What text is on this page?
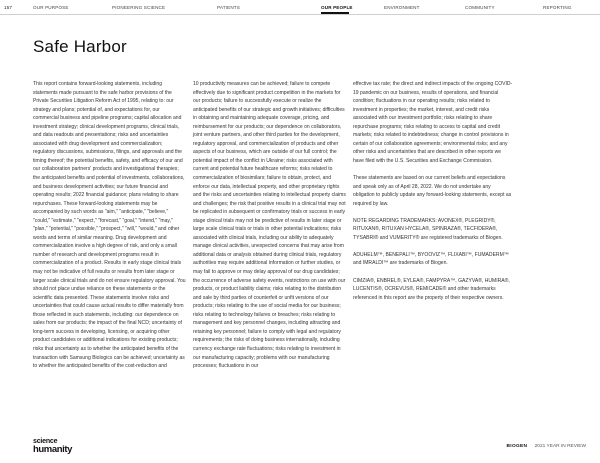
157	OUR PURPOSE	PIONEERING SCIENCE	PATIENTS	OUR PEOPLE	ENVIRONMENT	COMMUNITY	REPORTING
Safe Harbor

This report contains forward-looking statements, including statements made pursuant to the safe harbor provisions of the Private Securities Litigation Reform Act of 1995, relating to: our strategy and plans; potential of, and expectations for, our commercial business and pipeline programs; capital allocation and investment strategy; clinical development programs, clinical trials, and data readouts and presentations; risks and uncertainties associated with drug development and commercialization; regulatory discussions, submissions, filings, and approvals and the timing thereof; the potential benefits, safety, and efficacy of our and our collaboration partners' products and investigational therapies; the anticipated benefits and potential of investments, collaborations, and business development activities; our future financial and operating results; 2022 financial guidance; plans relating to share repurchases. These forward-looking statements may be accompanied by such words as "aim," "anticipate," "believe," "could," "estimate," "expect," "forecast," "goal," "intend," "may," "plan," "potential," "possible," "prospect," "will," "would," and other words and terms of similar meaning. Drug development and commercialization involve a high degree of risk, and only a small number of research and development programs result in commercialization of a product. Results in early stage clinical trials may not be indicative of full results or results from later stage or larger scale clinical trials and do not ensure regulatory approval. You should not place undue reliance on these statements or the scientific data presented. These statements involve risks and uncertainties that could cause actual results to differ materially from those reflected in such statements, including: our dependence on sales from our products; the impact of the final NCD; uncertainty of long-term success in developing, licensing, or acquiring other product candidates or additional indications for existing products; risks that uncertainty as to whether the anticipated benefits of the transaction with Samsung Biologics can be achieved; uncertainty as to whether the anticipated benefits of the cost-reduction and

10 productivity measures can be achieved; failure to compete effectively due to significant product competition in the markets for our products; failure to successfully execute or realize the anticipated benefits of our strategic and growth initiatives; difficulties in obtaining and maintaining adequate coverage, pricing, and reimbursement for our products; our dependence on collaborators, joint venture partners, and other third parties for the development, regulatory approval, and commercialization of products and other aspects of our business, which are outside of our full control; the potential impact of the conflict in Ukraine; risks associated with current and potential future healthcare reforms; risks related to commercialization of biosimilars; failure to obtain, protect, and enforce our data, intellectual property, and other proprietary rights and the risks and uncertainties relating to intellectual property claims and challenges; the risk that positive results in a clinical trial may not be replicated in subsequent or confirmatory trials or success in early stage clinical trials may not be predictive of results in later stage or large scale clinical trials or trials in other potential indications; risks associated with clinical trials, including our ability to adequately manage clinical activities, unexpected concerns that may arise from additional data or analysis obtained during clinical trials, regulatory authorities may require additional information or further studies, or may fail to approve or may delay approval of our drug candidates; the occurrence of adverse safety events, restrictions on use with our products, or product liability claims; risks relating to the distribution and sale by third parties of counterfeit or unfit versions of our products; risks relating to the use of social media for our business; risks relating to technology failures or breaches; risks relating to management and key personnel changes, including attracting and retaining key personnel; failure to comply with legal and regulatory requirements; the risks of doing business internationally, including currency exchange rate fluctuations; risks relating to investment in our manufacturing capacity; problems with our manufacturing processes; fluctuations in our

effective tax rate; the direct and indirect impacts of the ongoing COVID-19 pandemic on our business, results of operations, and financial condition; fluctuations in our operating results; risks related to investment in properties; the market, interest, and credit risks associated with our investment portfolio; risks relating to share repurchase programs; risks relating to access to capital and credit markets; risks related to indebtedness; change in control provisions in certain of our collaboration agreements; environmental risks; and any other risks and uncertainties that are described in other reports we have filed with the U.S. Securities and Exchange Commission.

These statements are based on our current beliefs and expectations and speak only as of April 28, 2022. We do not undertake any obligation to publicly update any forward-looking statements, except as required by law.

NOTE REGARDING TRADEMARKS: AVONEX®, PLEGRIDY®, RITUXAN®, RITUXAN HYCELA®, SPINRAZA®, TECFIDERA®, TYSABRI® and VUMERITY® are registered trademarks of Biogen.

ADUHELM™, BENEPALI™, BYOOVIZ™, FLIXABI™, FUMADERM™ and IMRALDI™ are trademarks of Biogen.

CIMZIA®, ENBREL®, EYLEA®, FAMPYRA™, GAZYVA®, HUMIRA®, LUCENTIS®, OCREVUS®, REMICADE® and other trademarks referenced in this report are the property of their respective owners.

science
humanity	BIOGEN 2021 YEAR IN REVIEW
